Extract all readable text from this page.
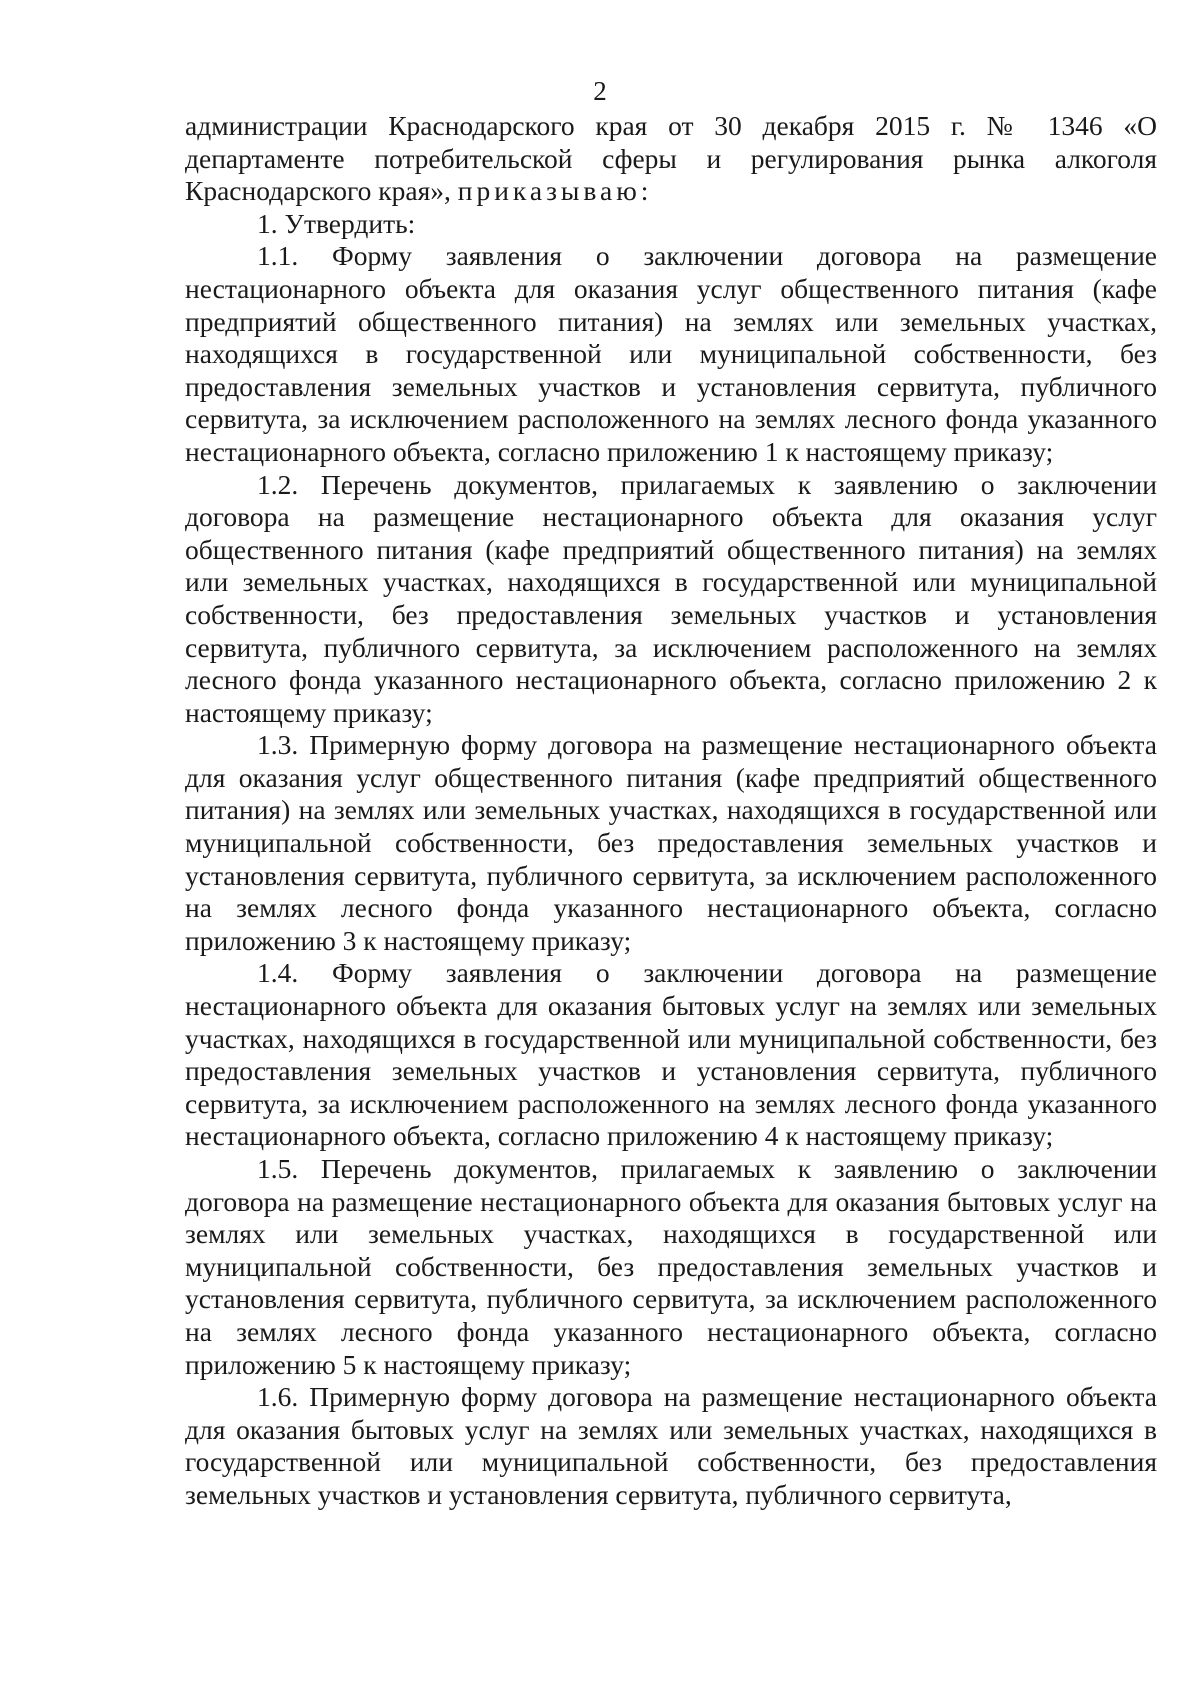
2

администрации Краснодарского края от 30 декабря 2015 г. № 1346 «О департаменте потребительской сферы и регулирования рынка алкоголя Краснодарского края», приказываю:

1. Утвердить:

1.1. Форму заявления о заключении договора на размещение нестационарного объекта для оказания услуг общественного питания (кафе предприятий общественного питания) на землях или земельных участках, находящихся в государственной или муниципальной собственности, без предоставления земельных участков и установления сервитута, публичного сервитута, за исключением расположенного на землях лесного фонда указанного нестационарного объекта, согласно приложению 1 к настоящему приказу;

1.2. Перечень документов, прилагаемых к заявлению о заключении договора на размещение нестационарного объекта для оказания услуг общественного питания (кафе предприятий общественного питания) на землях или земельных участках, находящихся в государственной или муниципальной собственности, без предоставления земельных участков и установления сервитута, публичного сервитута, за исключением расположенного на землях лесного фонда указанного нестационарного объекта, согласно приложению 2 к настоящему приказу;

1.3. Примерную форму договора на размещение нестационарного объекта для оказания услуг общественного питания (кафе предприятий общественного питания) на землях или земельных участках, находящихся в государственной или муниципальной собственности, без предоставления земельных участков и установления сервитута, публичного сервитута, за исключением расположенного на землях лесного фонда указанного нестационарного объекта, согласно приложению 3 к настоящему приказу;

1.4. Форму заявления о заключении договора на размещение нестационарного объекта для оказания бытовых услуг на землях или земельных участках, находящихся в государственной или муниципальной собственности, без предоставления земельных участков и установления сервитута, публичного сервитута, за исключением расположенного на землях лесного фонда указанного нестационарного объекта, согласно приложению 4 к настоящему приказу;

1.5. Перечень документов, прилагаемых к заявлению о заключении договора на размещение нестационарного объекта для оказания бытовых услуг на землях или земельных участках, находящихся в государственной или муниципальной собственности, без предоставления земельных участков и установления сервитута, публичного сервитута, за исключением расположенного на землях лесного фонда указанного нестационарного объекта, согласно приложению 5 к настоящему приказу;

1.6. Примерную форму договора на размещение нестационарного объекта для оказания бытовых услуг на землях или земельных участках, находящихся в государственной или муниципальной собственности, без предоставления земельных участков и установления сервитута, публичного сервитута,
